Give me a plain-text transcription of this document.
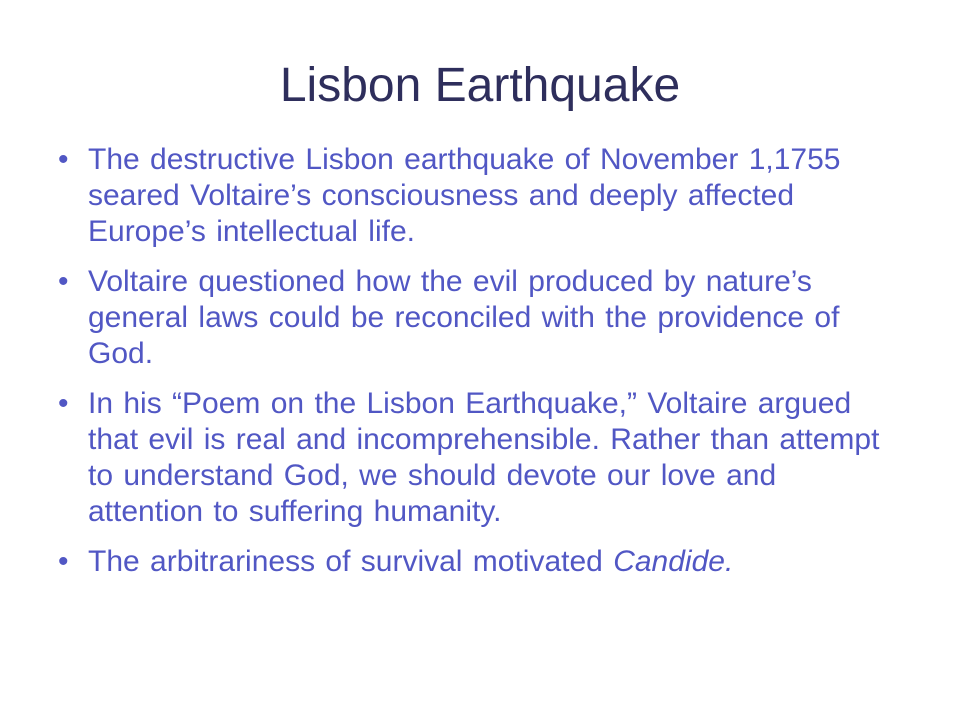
Lisbon Earthquake
• The destructive Lisbon earthquake of November 1,1755 seared Voltaire’s consciousness and deeply affected Europe’s intellectual life.
• Voltaire questioned how the evil produced by nature’s general laws could be reconciled with the providence of God.
• In his “Poem on the Lisbon Earthquake,” Voltaire argued that evil is real and incomprehensible. Rather than attempt to understand God, we should devote our love and attention to suffering humanity.
• The arbitrariness of survival motivated Candide.
